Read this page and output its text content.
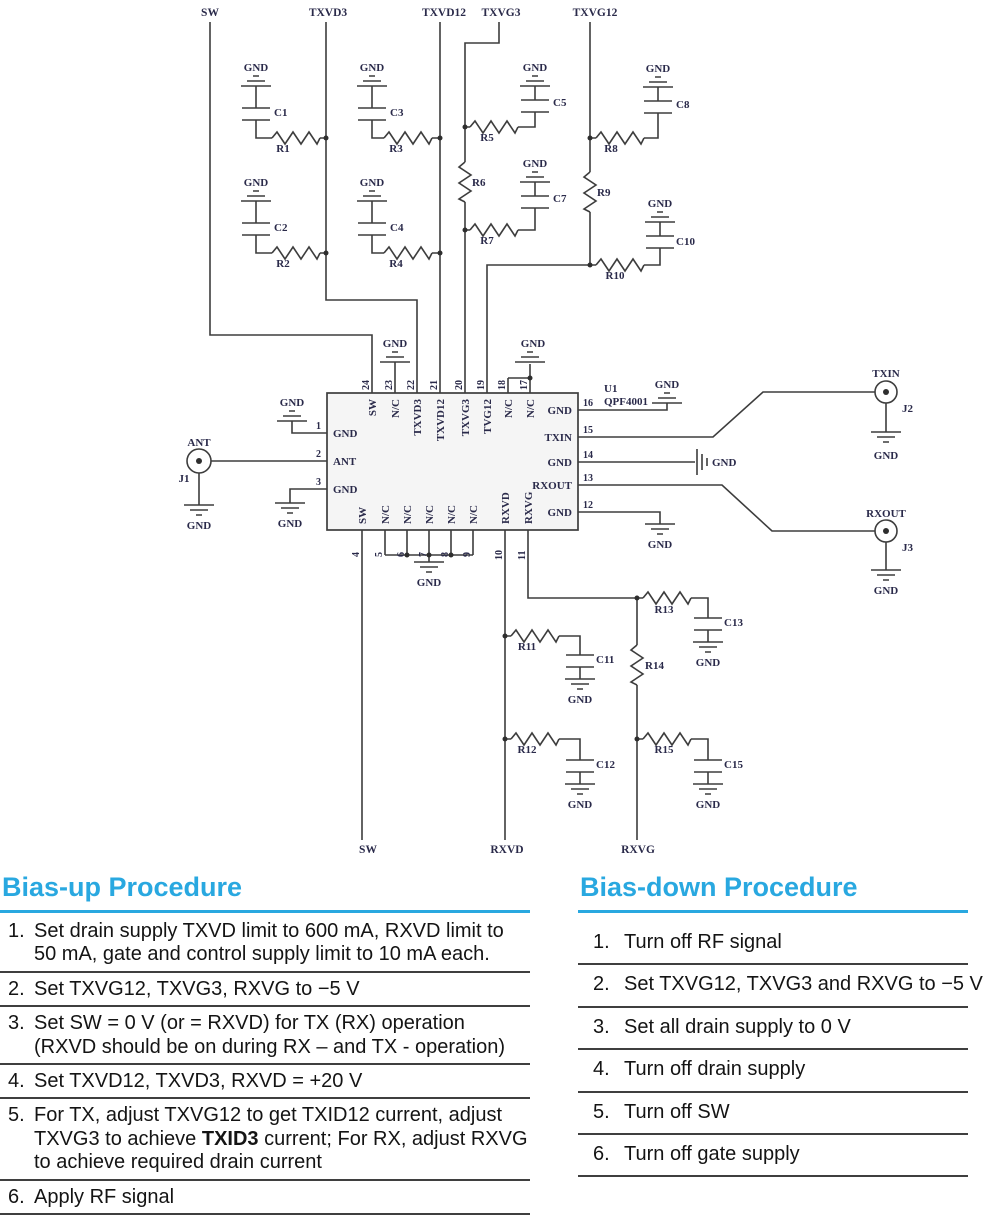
SW	TXVD3	TXVD12 TXVG3	TXVG12
GND
GND
GND
GND
GND
GND
GND
GND
GND	GND
GND
GND
GND	GND
GND
GND
GND
GND
GND
GND
GND
GND
GND
C1
C2
C3
C4
C5
C7
C8
C10
C11
C12
C13
C15
R1
R2
R3
R4
R5
R6
R7
R8
R9
R10
R11
R12
R13
R14
R15
U1
QPF4001
ANT
J1
TXIN
J2
RXOUT
J3
SW	RXVD	RXVG
24 23 22 21 20 19 18 17
4 5 6 7 8 9 10 11
1
2
3
16
15
14
13
12
SW N/C TXVD3 TXVD12 TXVG3 TVG12 N/C N/C
SW N/C N/C N/C N/C N/C RXVD RXVG
GND
ANT
GND
GND
TXIN
GND
RXOUT
GND
Bias-up Procedure
1. Set drain supply TXVD limit to 600 mA, RXVD limit to 50 mA, gate and control supply limit to 10 mA each.
2. Set TXVG12, TXVG3, RXVG to −5 V
3. Set SW = 0 V (or = RXVD) for TX (RX) operation (RXVD should be on during RX – and TX - operation)
4. Set TXVD12, TXVD3, RXVD = +20 V
5. For TX, adjust TXVG12 to get TXID12 current, adjust TXVG3 to achieve TXID3 current; For RX, adjust RXVG to achieve required drain current
6. Apply RF signal
Bias-down Procedure
1. Turn off RF signal
2. Set TXVG12, TXVG3 and RXVG to −5 V
3. Set all drain supply to 0 V
4. Turn off drain supply
5. Turn off SW
6. Turn off gate supply
